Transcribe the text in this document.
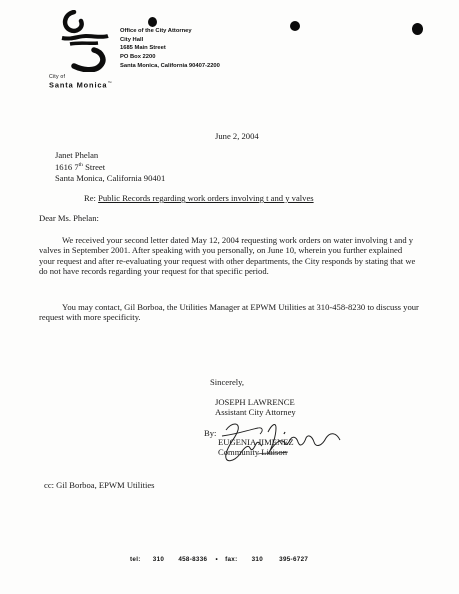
City of
Santa Monica™
Office of the City Attorney
City Hall
1685 Main Street
PO Box 2200
Santa Monica, California 90407-2200
June 2, 2004
Janet Phelan
1616 7th Street
Santa Monica, California 90401
Re: Public Records regarding work orders involving t and y valves
Dear Ms. Phelan:
We received your second letter dated May 12, 2004 requesting work orders on water involving t and y valves in September 2001. After speaking with you personally, on June 10, wherein you further explained your request and after re-evaluating your request with other departments, the City responds by stating that we do not have records regarding your request for that specific period.
You may contact, Gil Borboa, the Utilities Manager at EPWM Utilities at 310-458-8230 to discuss your request with more specificity.
Sincerely,
JOSEPH LAWRENCE
Assistant City Attorney
By:
EUGENIA JIMENEZ
Community Liaison
cc: Gil Borboa, EPWM Utilities
tel: 310 458-8336 • fax: 310	395-6727
